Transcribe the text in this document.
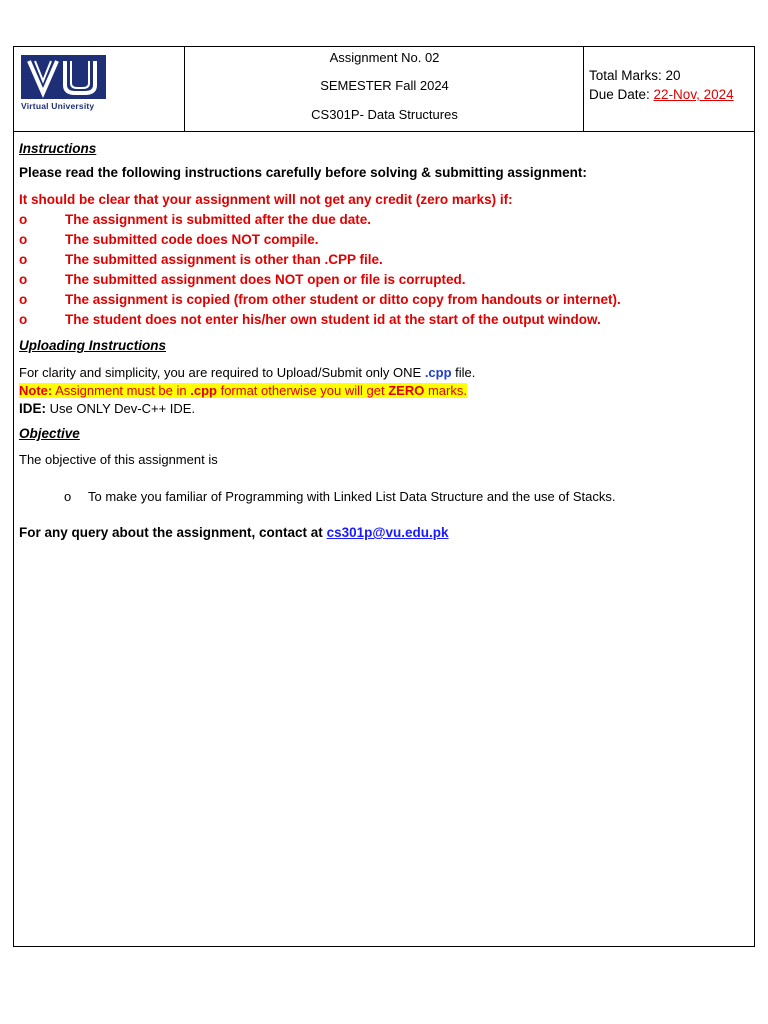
Virtual University
Assignment No. 02
SEMESTER Fall 2024
CS301P- Data Structures
Total Marks: 20
Due Date: 22-Nov, 2024

Instructions

Please read the following instructions carefully before solving & submitting assignment:

It should be clear that your assignment will not get any credit (zero marks) if:

o	The assignment is submitted after the due date.
o	The submitted code does NOT compile.
o	The submitted assignment is other than .CPP file.
o	The submitted assignment does NOT open or file is corrupted.
o	The assignment is copied (from other student or ditto copy from handouts or internet).
o	The student does not enter his/her own student id at the start of the output window.

Uploading Instructions

For clarity and simplicity, you are required to Upload/Submit only ONE .cpp file.

Note: Assignment must be in .cpp format otherwise you will get ZERO marks.

IDE: Use ONLY Dev-C++ IDE.

Objective

The objective of this assignment is

o	To make you familiar of Programming with Linked List Data Structure and the use of Stacks.

For any query about the assignment, contact at cs301p@vu.edu.pk
